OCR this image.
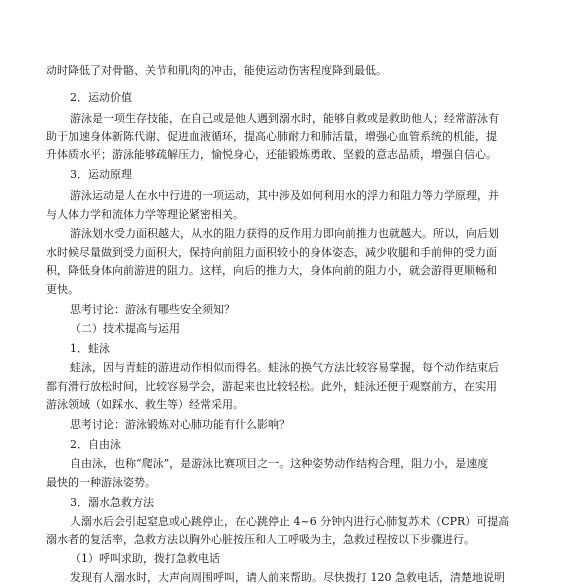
动时降低了对骨骼、关节和肌肉的冲击，能使运动伤害程度降到最低。
2．运动价值
游泳是一项生存技能，在自己或是他人遇到溺水时，能够自救或是救助他人；经常游泳有
助于加速身体新陈代谢、促进血液循环，提高心肺耐力和肺活量，增强心血管系统的机能，提
升体质水平；游泳能够疏解压力，愉悦身心，还能锻炼勇敢、坚毅的意志品质，增强自信心。
3．运动原理
游泳运动是人在水中行进的一项运动，其中涉及如何利用水的浮力和阻力等力学原理，并
与人体力学和流体力学等理论紧密相关。
游泳划水受力面积越大，从水的阻力获得的反作用力即向前推力也就越大。所以，向后划
水时候尽量做到受力面积大，保持向前阻力面积较小的身体姿态，减少收腿和手前伸的受力面
积，降低身体向前游进的阻力。这样，向后的推力大，身体向前的阻力小，就会游得更顺畅和
更快。
思考讨论：游泳有哪些安全须知？
（二）技术提高与运用
1．蛙泳
蛙泳，因与青蛙的游进动作相似而得名。蛙泳的换气方法比较容易掌握，每个动作结束后
都有滑行放松时间，比较容易学会，游起来也比较轻松。此外，蛙泳还便于观察前方，在实用
游泳领域（如踩水、救生等）经常采用。
思考讨论：游泳锻炼对心肺功能有什么影响？
2．自由泳
自由泳，也称“爬泳”，是游泳比赛项目之一。这种姿势动作结构合理，阻力小，是速度
最快的一种游泳姿势。
3．溺水急救方法
人溺水后会引起窒息或心跳停止，在心跳停止 4~6 分钟内进行心肺复苏术（CPR）可提高
溺水者的复活率，急救方法以胸外心脏按压和人工呼吸为主，急救过程按以下步骤进行。
（1）呼叫求助，拨打急救电话
发现有人溺水时，大声向周围呼叫，请人前来帮助。尽快拨打 120 急救电话，清楚地说明
